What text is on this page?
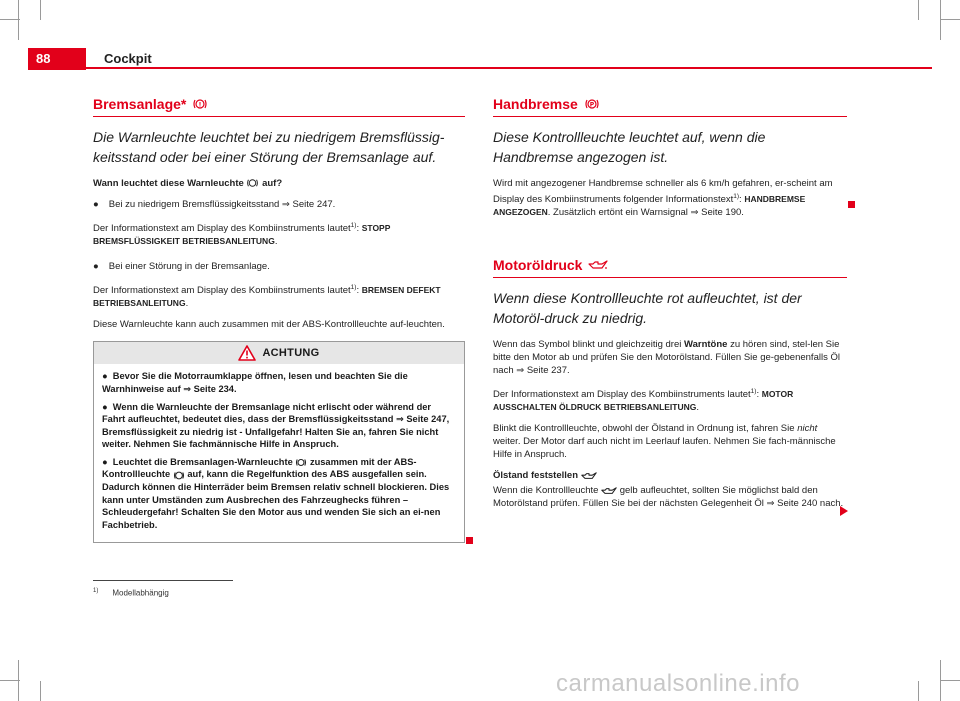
88	Cockpit
Bremsanlage* !
Die Warnleuchte leuchtet bei zu niedrigem Bremsflüssig-keitsstand oder bei einer Störung der Bremsanlage auf.

Wann leuchtet diese Warnleuchte auf?

● Bei zu niedrigem Bremsflüssigkeitsstand ⇒ Seite 247.

Der Informationstext am Display des Kombiinstruments lautet$^{1)}$: STOPP BREMSFLÜSSIGKEIT BETRIEBSANLEITUNG.

● Bei einer Störung in der Bremsanlage.

Der Informationstext am Display des Kombiinstruments lautet$^{1)}$: BREMSEN DEFEKT BETRIEBSANLEITUNG.

Diese Warnleuchte kann auch zusammen mit der ABS-Kontrollleuchte auf-leuchten.

ACHTUNG

●  Bevor Sie die Motorraumklappe öffnen, lesen und beachten Sie die Warnhinweise auf ⇒ Seite 234.

●  Wenn die Warnleuchte der Bremsanlage nicht erlischt oder während der Fahrt aufleuchtet, bedeutet dies, dass der Bremsflüssigkeitsstand ⇒ Seite 247, Bremsflüssigkeit zu niedrig ist - Unfallgefahr! Halten Sie an, fahren Sie nicht weiter. Nehmen Sie fachmännische Hilfe in Anspruch.

●  Leuchtet die Bremsanlagen-Warnleuchte zusammen mit der ABS-Kontrollleuchte auf, kann die Regelfunktion des ABS ausgefallen sein. Dadurch können die Hinterräder beim Bremsen relativ schnell blockieren. Dies kann unter Umständen zum Ausbrechen des Fahrzeughecks führen – Schleudergefahr! Schalten Sie den Motor aus und wenden Sie sich an ei-nen Fachbetrieb.

Handbremse P
Diese Kontrollleuchte leuchtet auf, wenn die Handbremse angezogen ist.

Wird mit angezogener Handbremse schneller als 6 km/h gefahren, er-scheint am Display des Kombiinstruments folgender Informationstext$^{1)}$: HANDBREMSE ANGEZOGEN. Zusätzlich ertönt ein Warnsignal ⇒ Seite 190.

Motoröldruck
Wenn diese Kontrollleuchte rot aufleuchtet, ist der Motoröl-druck zu niedrig.

Wenn das Symbol blinkt und gleichzeitig drei Warntöne zu hören sind, stel-len Sie bitte den Motor ab und prüfen Sie den Motorölstand. Füllen Sie ge-gebenenfalls Öl nach ⇒ Seite 237.

Der Informationstext am Display des Kombiinstruments lautet$^{1)}$: MOTOR AUSSCHALTEN ÖLDRUCK BETRIEBSANLEITUNG.

Blinkt die Kontrollleuchte, obwohl der Ölstand in Ordnung ist, fahren Sie nicht weiter. Der Motor darf auch nicht im Leerlauf laufen. Nehmen Sie fach-männische Hilfe in Anspruch.

Ölstand feststellen

Wenn die Kontrollleuchte gelb aufleuchtet, sollten Sie möglichst bald den Motorölstand prüfen. Füllen Sie bei der nächsten Gelegenheit Öl ⇒ Seite 240 nach.

$^{1)}$ Modellabhängig
carmanualsonline.info
